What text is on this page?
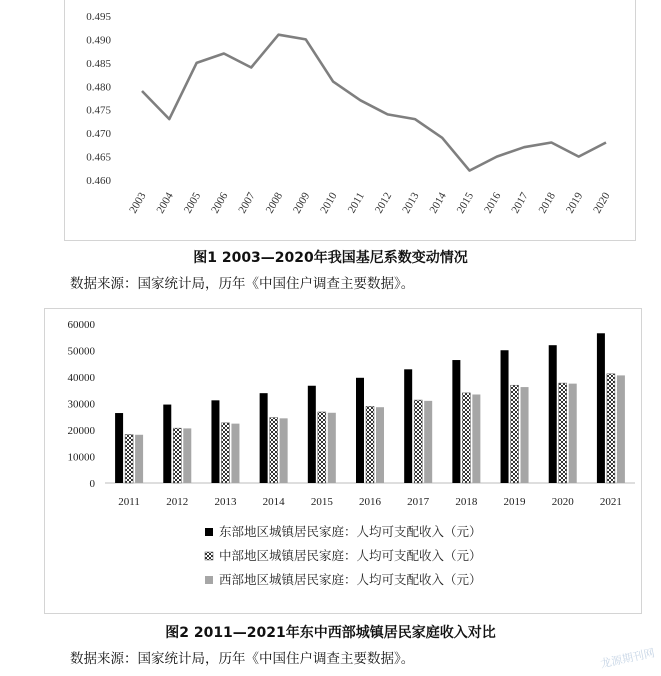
0.460
0.465
0.470
0.475
0.480
0.485
0.490
0.495
2003 2004 2005 2006 2007 2008 2009 2010 2011 2012 2013 2014 2015 2016 2017 2018 2019 2020
图1 2003—2020年我国基尼系数变动情况
数据来源：国家统计局，历年《中国住户调查主要数据》。
0
10000
20000
30000
40000
50000
60000
2011 2012 2013 2014 2015 2016 2017 2018 2019 2020 2021
东部地区城镇居民家庭：人均可支配收入（元）
中部地区城镇居民家庭：人均可支配收入（元）
西部地区城镇居民家庭：人均可支配收入（元）
图2 2011—2021年东中西部城镇居民家庭收入对比
数据来源：国家统计局，历年《中国住户调查主要数据》。	龙源期刊网
